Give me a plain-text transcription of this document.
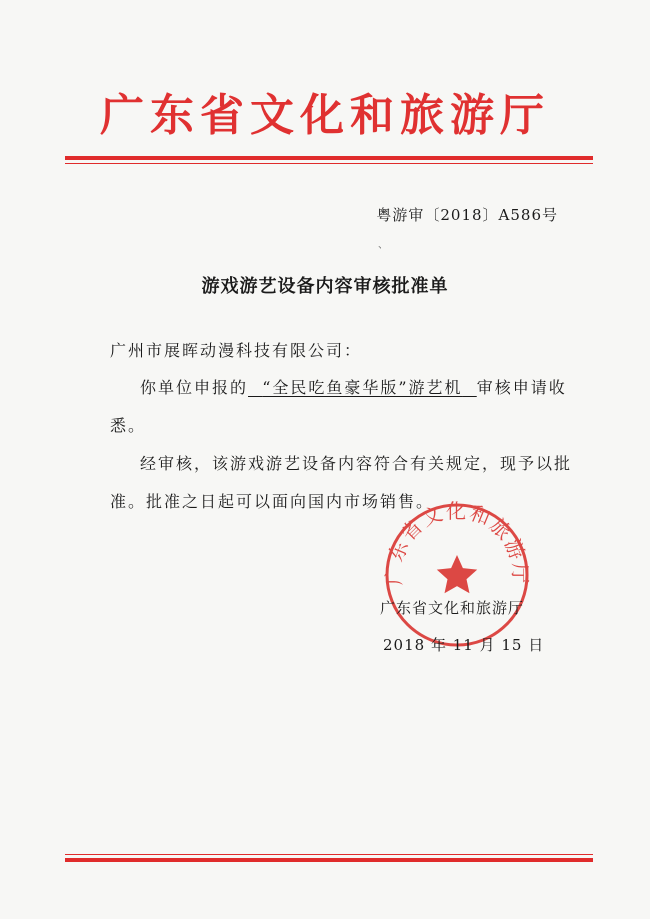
广东省文化和旅游厅
粤游审〔2018〕A586号
、
游戏游艺设备内容审核批准单
广州市展晖动漫科技有限公司：
你单位申报的 “全民吃鱼豪华版”游艺机 审核申请收
悉。
经审核，该游戏游艺设备内容符合有关规定，现予以批
准。批准之日起可以面向国内市场销售。
广东省文化和旅游厅
广东省文化和旅游厅
2018 年 11 月 15 日
